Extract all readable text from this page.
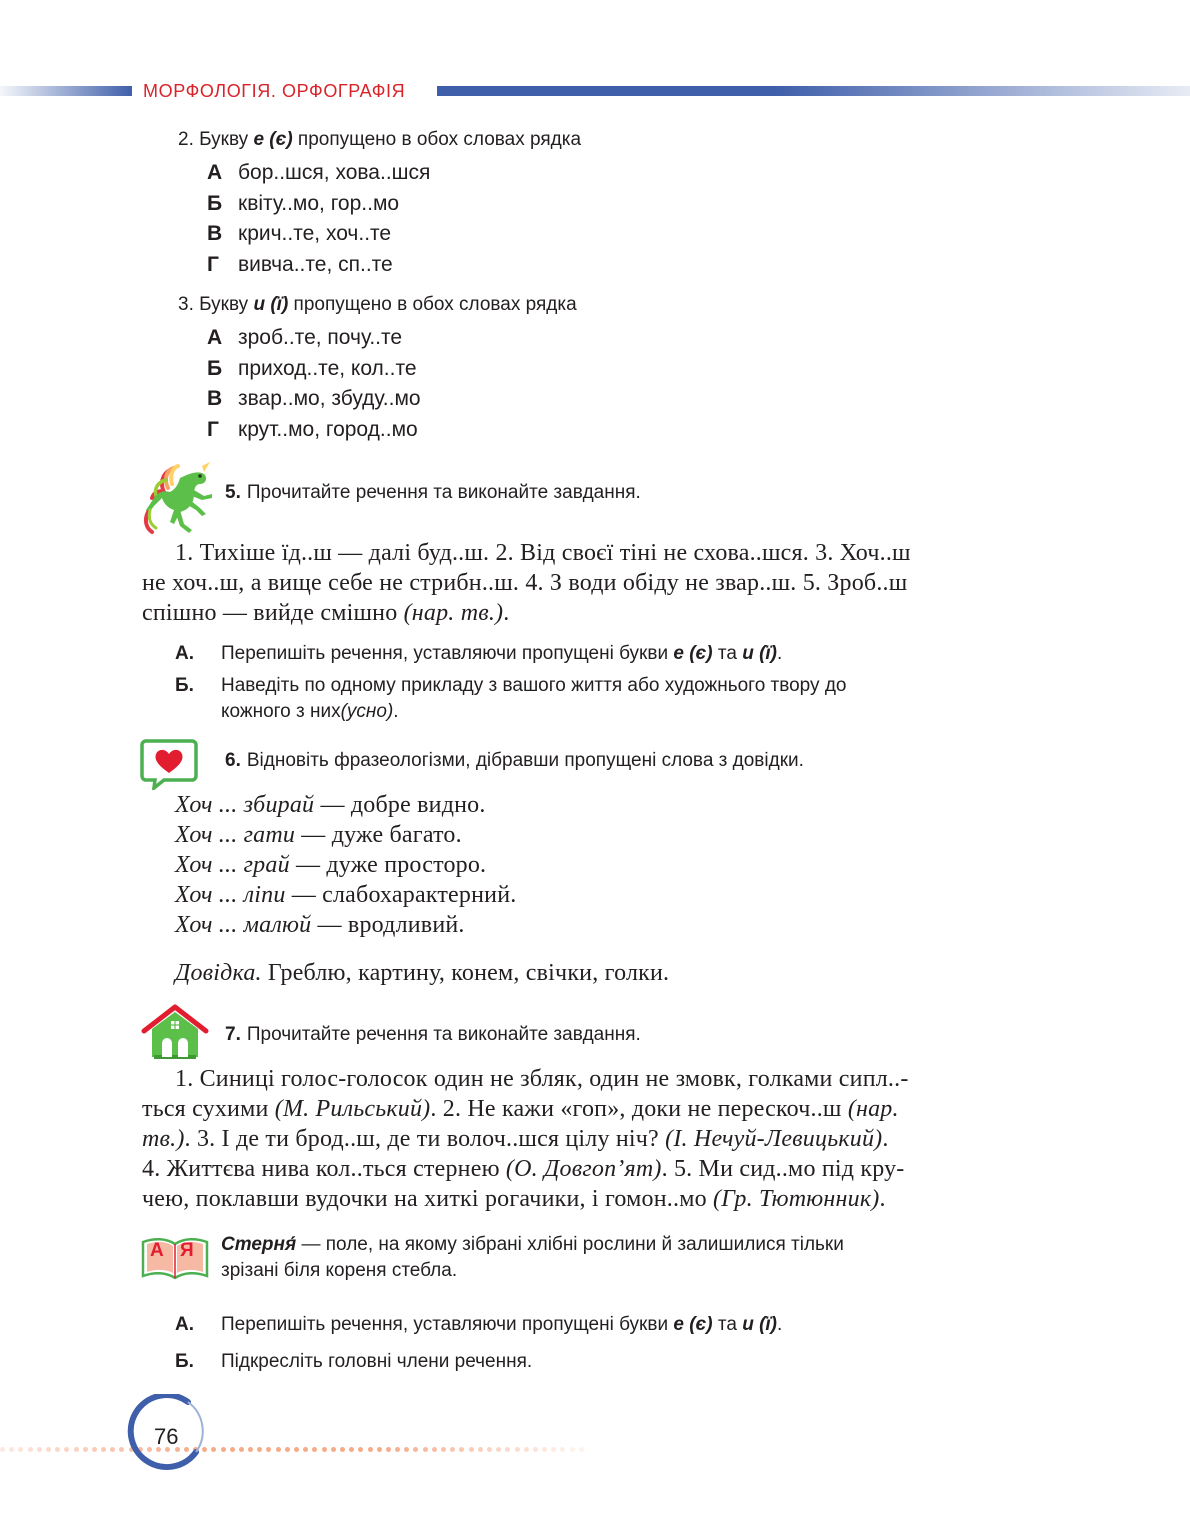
МОРФОЛОГІЯ. ОРФОГРАФІЯ
2. Букву е (є) пропущено в обох словах рядка
А бор..шся, хова..шся
Б квіту..мо, гор..мо
В крич..те, хоч..те
Г вивча..те, сп..те
3. Букву и (ї) пропущено в обох словах рядка
А зроб..те, почу..те
Б приход..те, кол..те
В звар..мо, збуду..мо
Г крут..мо, город..мо
5. Прочитайте речення та виконайте завдання.
1. Тихіше їд..ш — далі буд..ш. 2. Від своєї тіні не схова..шся. 3. Хоч..ш
не хоч..ш, а вище себе не стрибн..ш. 4. З води обіду не звар..ш. 5. Зроб..ш
спішно — вийде смішно (нар. тв.).
А. Перепишіть речення, уставляючи пропущені букви е (є) та и (ї).
Б. Наведіть по одному прикладу з вашого життя або художнього твору до
кожного з них(усно).
6. Відновіть фразеологізми, дібравши пропущені слова з довідки.
Хоч ... збирай — добре видно.
Хоч ... гати — дуже багато.
Хоч ... грай — дуже просторо.
Хоч ... ліпи — слабохарактерний.
Хоч ... малюй — вродливий.
Довідка. Греблю, картину, конем, свічки, голки.
7. Прочитайте речення та виконайте завдання.
1. Синиці голос-голосок один не збляк, один не змовк, голками сипл..-
ться сухими (М. Рильський). 2. Не кажи «гоп», доки не перескоч..ш (нар.
тв.). 3. І де ти брод..ш, де ти волоч..шся цілу ніч? (І. Нечуй-Левицький).
4. Життєва нива кол..ться стернею (О. Довгоп’ят). 5. Ми сид..мо під кру-
чею, поклавши вудочки на хиткі рогачики, і гомон..мо (Гр. Тютюнник).
А Я Стерня́ — поле, на якому зібрані хлібні рослини й залишилися тільки
зрізані біля кореня стебла.
А. Перепишіть речення, уставляючи пропущені букви е (є) та и (ї).
Б. Підкресліть головні члени речення.
76
